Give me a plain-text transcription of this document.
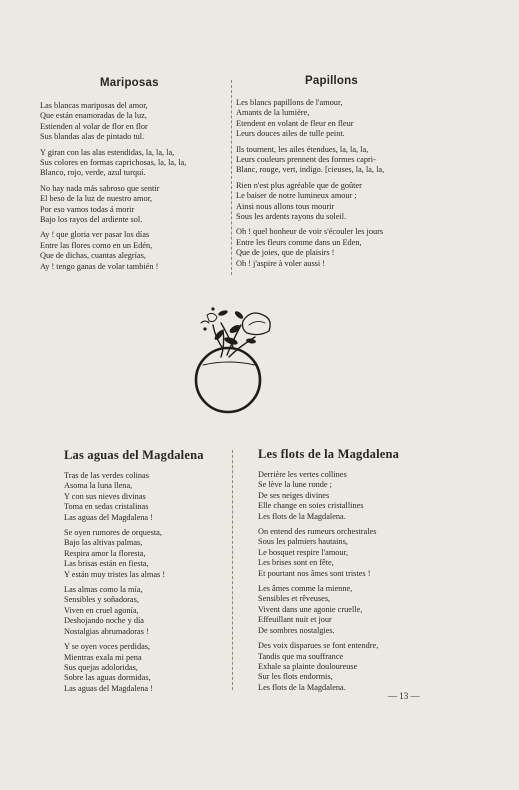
Mariposas	Papillons
Las blancas mariposas del amor,
Que están enamoradas de la luz,
Estienden al volar de flor en flor
Sus blandas alas de pintado tul.
Y giran con las alas estendidas, la, la, la,
Sus colores en formas caprichosas, la, la, la,
Blanco, rojo, verde, azul turquí.
No hay nada más sabroso que sentir
El beso de la luz de nuestro amor,
Por eso vamos todas á morir
Bajo los rayos del ardiente sol.
Ay ! que gloria ver pasar los días
Entre las flores como en un Edén,
Que de dichas, cuantas alegrías,
Ay ! tengo ganas de volar también !
Les blancs papillons de l'amour,
Amants de la lumière,
Etendent en volant de fleur en fleur
Leurs douces ailes de tulle peint.
Ils tournent, les ailes étendues, la, la, la,
Leurs couleurs prennent des formes capri-
Blanc, rouge, vert, indigo. [cieuses, la, la, la,
Rien n'est plus agréable que de goûter
Le baiser de notre lumineux amour ;
Ainsi nous allons tous mourir
Sous les ardents rayons du soleil.
Oh ! quel bonheur de voir s'écouler les jours
Entre les fleurs comme dans un Eden,
Que de joies, que de plaisirs !
Oh ! j'aspire à voler aussi !
Las aguas del Magdalena	Les flots de la Magdalena
Tras de las verdes colinas
Asoma la luna llena,
Y con sus nieves divinas
Toma en sedas cristalinas
Las aguas del Magdalena !
Se oyen rumores de orquesta,
Bajo las altivas palmas,
Respira amor la floresta,
Las brisas están en fiesta,
Y están muy tristes las almas !
Las almas como la mía,
Sensibles y soñadoras,
Viven en cruel agonía,
Deshojando noche y día
Nostalgias abrumadoras !
Y se oyen voces perdidas,
Mientras exala mi pena
Sus quejas adoloridas,
Sobre las aguas dormidas,
Las aguas del Magdalena !
Derrière les vertes collines
Se lève la lune ronde ;
De ses neiges divines
Elle change en soies cristallines
Les flots de la Magdalena.
On entend des rumeurs orchestrales
Sous les palmiers hautains,
Le bosquet respire l'amour,
Les brises sont en fête,
Et pourtant nos âmes sont tristes !
Les âmes comme la mienne,
Sensibles et rêveuses,
Vivent dans une agonie cruelle,
Effeuillant nuit et jour
De sombres nostalgies.
Des voix disparues se font entendre,
Tandis que ma souffrance
Exhale sa plainte douloureuse
Sur les flots endormis,
Les flots de la Magdalena.
— 13 —
